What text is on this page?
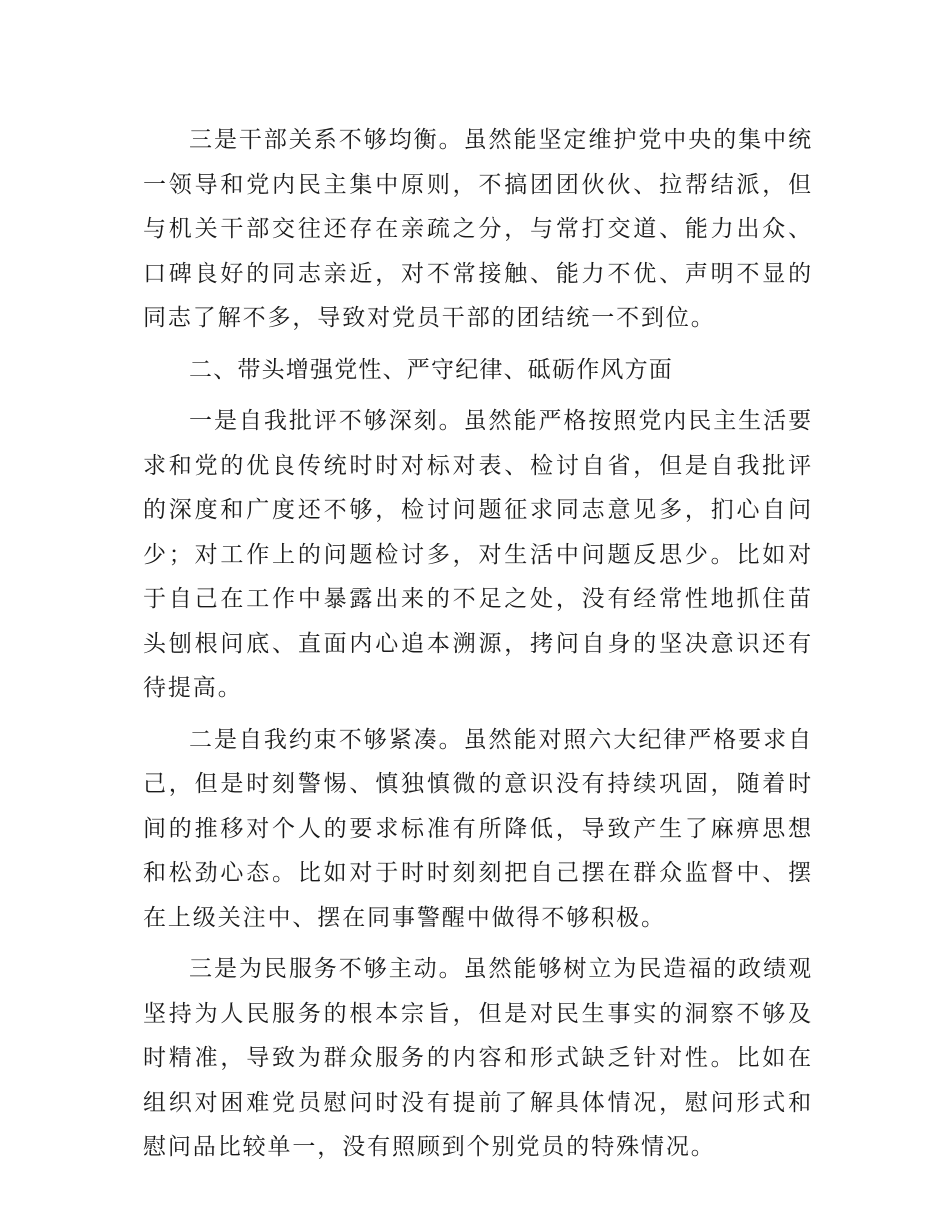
三是干部关系不够均衡。虽然能坚定维护党中央的集中统一领导和党内民主集中原则，不搞团团伙伙、拉帮结派，但与机关干部交往还存在亲疏之分，与常打交道、能力出众、口碑良好的同志亲近，对不常接触、能力不优、声明不显的同志了解不多，导致对党员干部的团结统一不到位。

二、带头增强党性、严守纪律、砥砺作风方面

一是自我批评不够深刻。虽然能严格按照党内民主生活要求和党的优良传统时时对标对表、检讨自省，但是自我批评的深度和广度还不够，检讨问题征求同志意见多，扪心自问少；对工作上的问题检讨多，对生活中问题反思少。比如对于自己在工作中暴露出来的不足之处，没有经常性地抓住苗头刨根问底、直面内心追本溯源，拷问自身的坚决意识还有待提高。

二是自我约束不够紧凑。虽然能对照六大纪律严格要求自己，但是时刻警惕、慎独慎微的意识没有持续巩固，随着时间的推移对个人的要求标准有所降低，导致产生了麻痹思想和松劲心态。比如对于时时刻刻把自己摆在群众监督中、摆在上级关注中、摆在同事警醒中做得不够积极。

三是为民服务不够主动。虽然能够树立为民造福的政绩观坚持为人民服务的根本宗旨，但是对民生事实的洞察不够及时精准，导致为群众服务的内容和形式缺乏针对性。比如在组织对困难党员慰问时没有提前了解具体情况，慰问形式和慰问品比较单一，没有照顾到个别党员的特殊情况。
